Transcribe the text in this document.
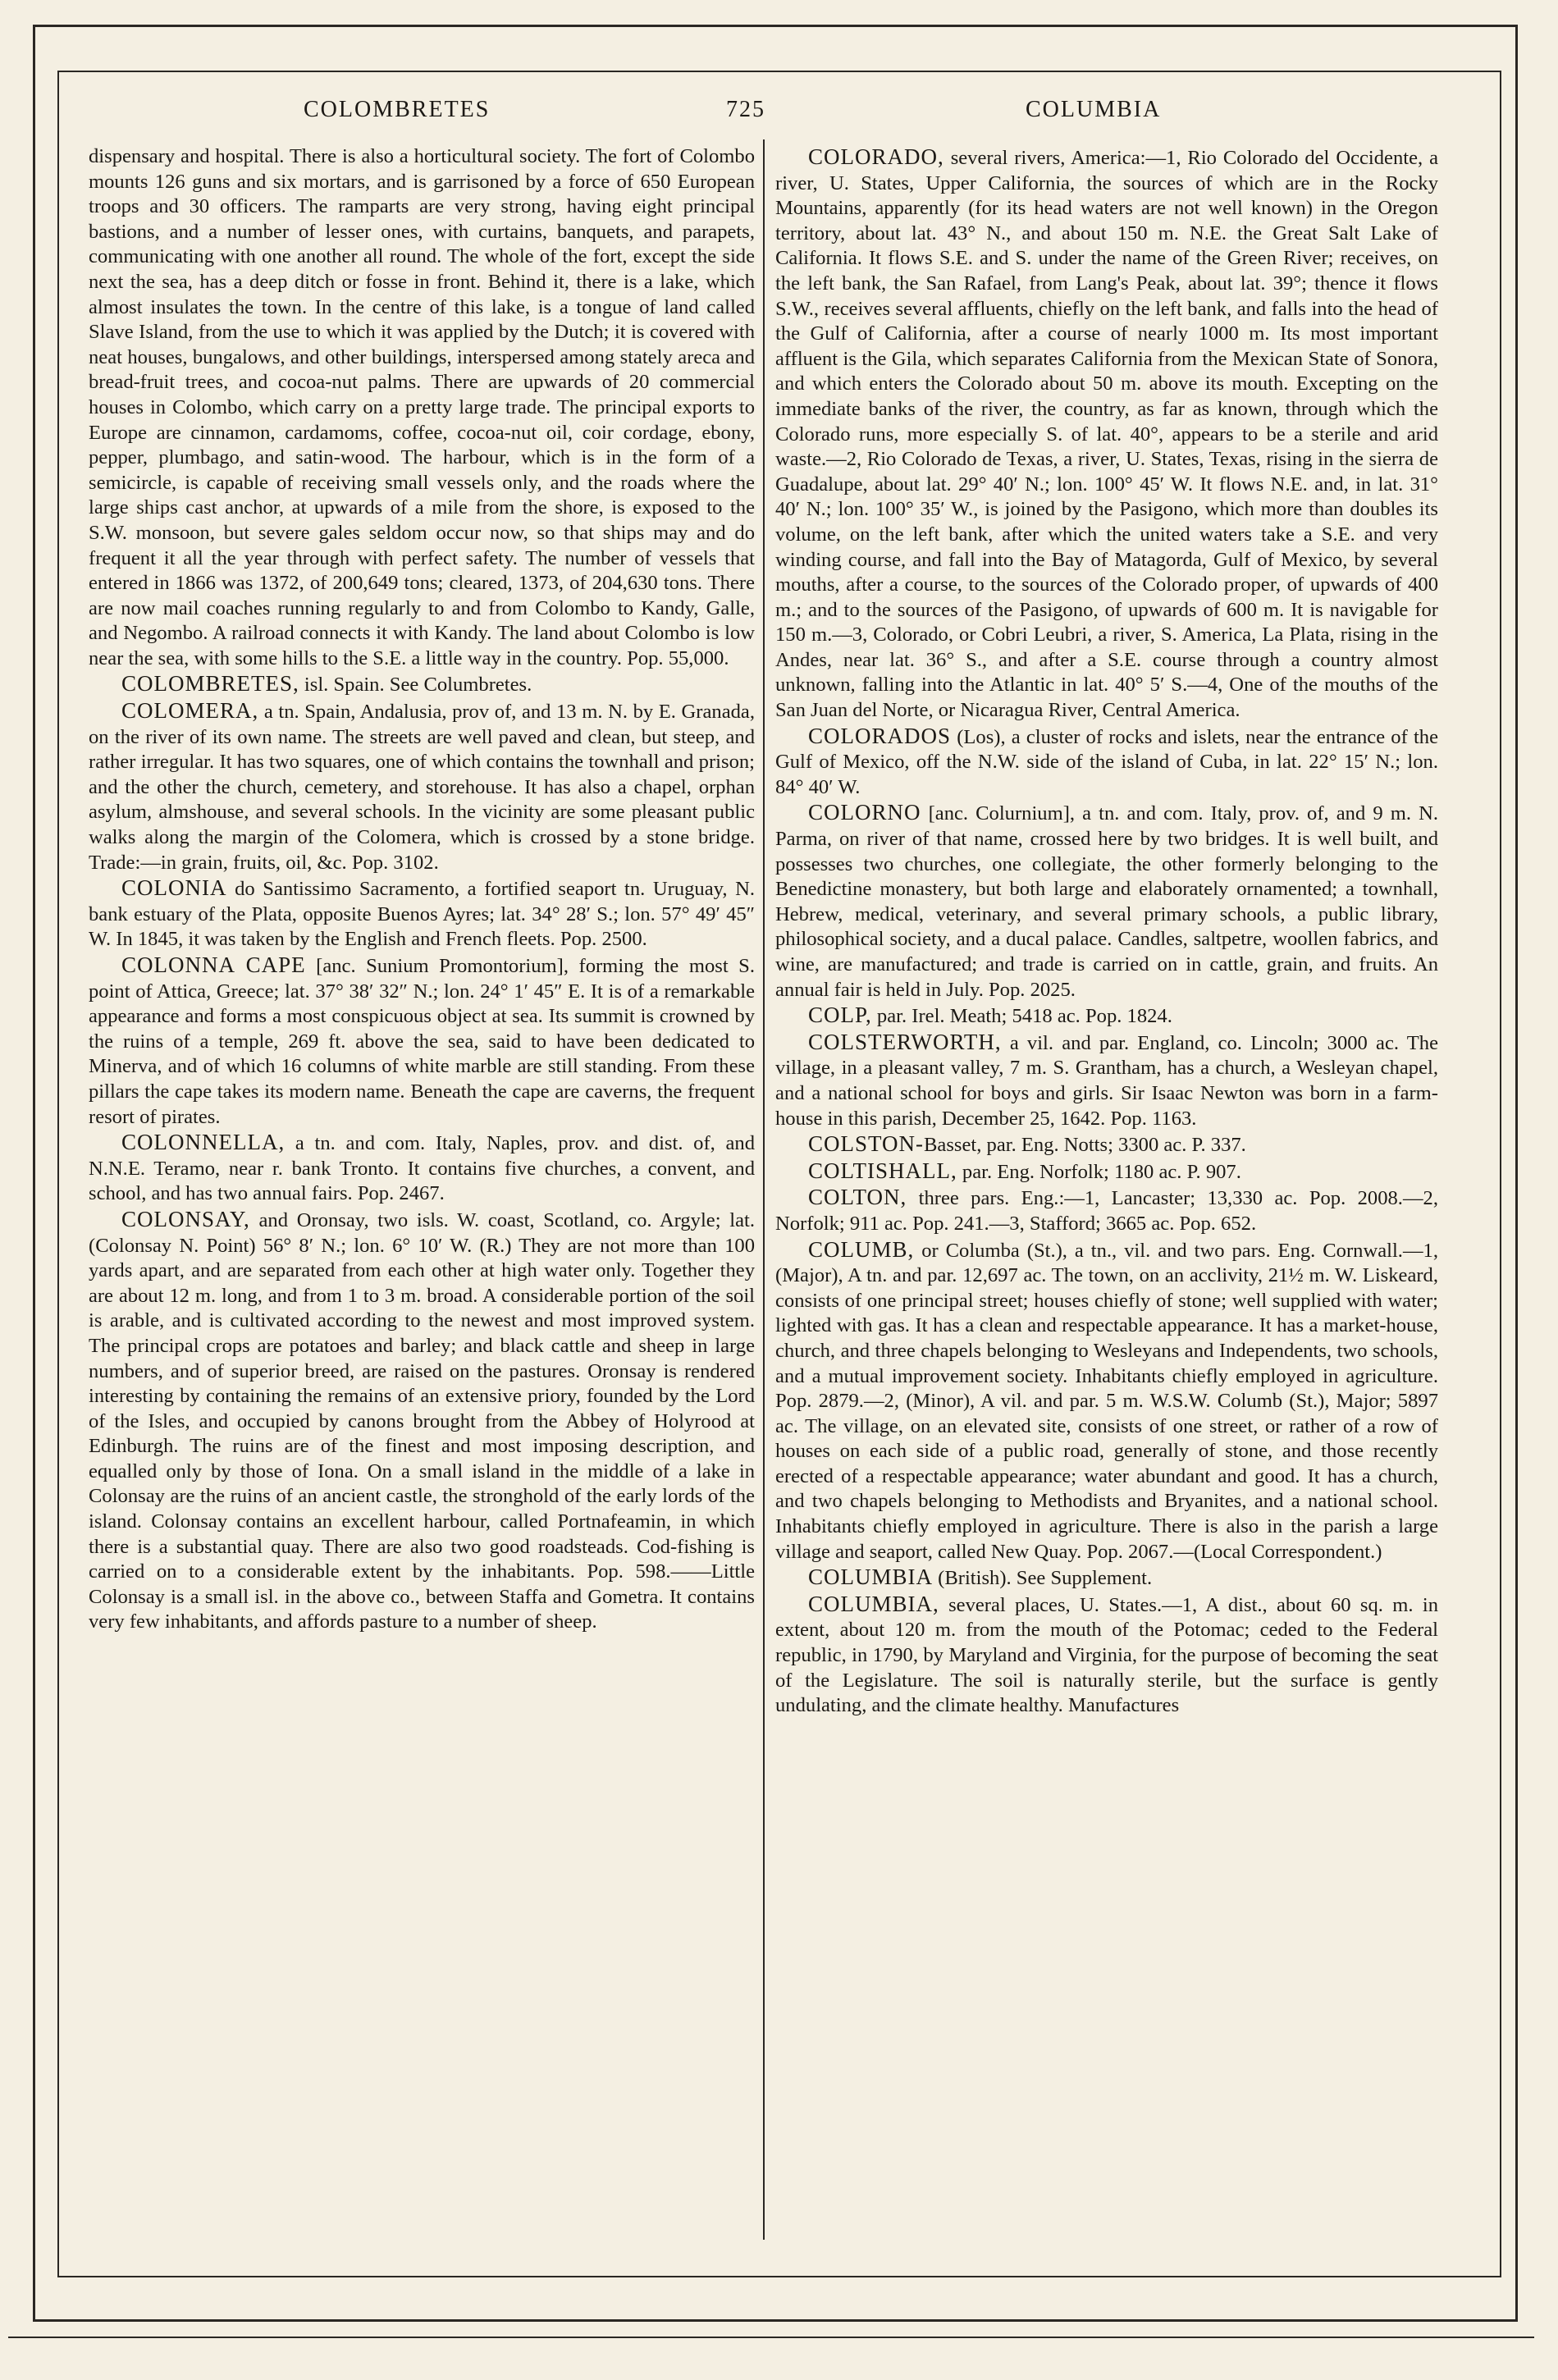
COLOMBRETES	725	COLUMBIA

dispensary and hospital. There is also a horticultural society. The fort of Colombo mounts 126 guns and six mortars, and is garrisoned by a force of 650 European troops and 30 officers. The ramparts are very strong, having eight principal bastions, and a number of lesser ones, with curtains, banquets, and parapets, communicating with one another all round. The whole of the fort, except the side next the sea, has a deep ditch or fosse in front. Behind it, there is a lake, which almost insulates the town. In the centre of this lake, is a tongue of land called Slave Island, from the use to which it was applied by the Dutch; it is covered with neat houses, bungalows, and other buildings, interspersed among stately areca and bread-fruit trees, and cocoa-nut palms. There are upwards of 20 commercial houses in Colombo, which carry on a pretty large trade. The principal exports to Europe are cinnamon, cardamoms, coffee, cocoa-nut oil, coir cordage, ebony, pepper, plumbago, and satin-wood. The harbour, which is in the form of a semicircle, is capable of receiving small vessels only, and the roads where the large ships cast anchor, at upwards of a mile from the shore, is exposed to the S.W. monsoon, but severe gales seldom occur now, so that ships may and do frequent it all the year through with perfect safety. The number of vessels that entered in 1866 was 1372, of 200,649 tons; cleared, 1373, of 204,630 tons. There are now mail coaches running regularly to and from Colombo to Kandy, Galle, and Negombo. A railroad connects it with Kandy. The land about Colombo is low near the sea, with some hills to the S.E. a little way in the country. Pop. 55,000.

COLOMBRETES, isl. Spain. See Columbretes.

COLOMERA, a tn. Spain, Andalusia, prov of, and 13 m. N. by E. Granada, on the river of its own name. The streets are well paved and clean, but steep, and rather irregular. It has two squares, one of which contains the townhall and prison; and the other the church, cemetery, and storehouse. It has also a chapel, orphan asylum, almshouse, and several schools. In the vicinity are some pleasant public walks along the margin of the Colomera, which is crossed by a stone bridge. Trade:—in grain, fruits, oil, &c. Pop. 3102.

COLONIA do Santissimo Sacramento, a fortified seaport tn. Uruguay, N. bank estuary of the Plata, opposite Buenos Ayres; lat. 34° 28′ S.; lon. 57° 49′ 45″ W. In 1845, it was taken by the English and French fleets. Pop. 2500.

COLONNA CAPE [anc. Sunium Promontorium], forming the most S. point of Attica, Greece; lat. 37° 38′ 32″ N.; lon. 24° 1′ 45″ E. It is of a remarkable appearance and forms a most conspicuous object at sea. Its summit is crowned by the ruins of a temple, 269 ft. above the sea, said to have been dedicated to Minerva, and of which 16 columns of white marble are still standing. From these pillars the cape takes its modern name. Beneath the cape are caverns, the frequent resort of pirates.

COLONNELLA, a tn. and com. Italy, Naples, prov. and dist. of, and N.N.E. Teramo, near r. bank Tronto. It contains five churches, a convent, and school, and has two annual fairs. Pop. 2467.

COLONSAY, and Oronsay, two isls. W. coast, Scotland, co. Argyle; lat. (Colonsay N. Point) 56° 8′ N.; lon. 6° 10′ W. (R.) They are not more than 100 yards apart, and are separated from each other at high water only. Together they are about 12 m. long, and from 1 to 3 m. broad. A considerable portion of the soil is arable, and is cultivated according to the newest and most improved system. The principal crops are potatoes and barley; and black cattle and sheep in large numbers, and of superior breed, are raised on the pastures. Oronsay is rendered interesting by containing the remains of an extensive priory, founded by the Lord of the Isles, and occupied by canons brought from the Abbey of Holyrood at Edinburgh. The ruins are of the finest and most imposing description, and equalled only by those of Iona. On a small island in the middle of a lake in Colonsay are the ruins of an ancient castle, the stronghold of the early lords of the island. Colonsay contains an excellent harbour, called Portnafeamin, in which there is a substantial quay. There are also two good roadsteads. Cod-fishing is carried on to a considerable extent by the inhabitants. Pop. 598.——Little Colonsay is a small isl. in the above co., between Staffa and Gometra. It contains very few inhabitants, and affords pasture to a number of sheep.

COLORADO, several rivers, America:—1, Rio Colorado del Occidente, a river, U. States, Upper California, the sources of which are in the Rocky Mountains, apparently (for its head waters are not well known) in the Oregon territory, about lat. 43° N., and about 150 m. N.E. the Great Salt Lake of California. It flows S.E. and S. under the name of the Green River; receives, on the left bank, the San Rafael, from Lang's Peak, about lat. 39°; thence it flows S.W., receives several affluents, chiefly on the left bank, and falls into the head of the Gulf of California, after a course of nearly 1000 m. Its most important affluent is the Gila, which separates California from the Mexican State of Sonora, and which enters the Colorado about 50 m. above its mouth. Excepting on the immediate banks of the river, the country, as far as known, through which the Colorado runs, more especially S. of lat. 40°, appears to be a sterile and arid waste.—2, Rio Colorado de Texas, a river, U. States, Texas, rising in the sierra de Guadalupe, about lat. 29° 40′ N.; lon. 100° 45′ W. It flows N.E. and, in lat. 31° 40′ N.; lon. 100° 35′ W., is joined by the Pasigono, which more than doubles its volume, on the left bank, after which the united waters take a S.E. and very winding course, and fall into the Bay of Matagorda, Gulf of Mexico, by several mouths, after a course, to the sources of the Colorado proper, of upwards of 400 m.; and to the sources of the Pasigono, of upwards of 600 m. It is navigable for 150 m.—3, Colorado, or Cobri Leubri, a river, S. America, La Plata, rising in the Andes, near lat. 36° S., and after a S.E. course through a country almost unknown, falling into the Atlantic in lat. 40° 5′ S.—4, One of the mouths of the San Juan del Norte, or Nicaragua River, Central America.

COLORADOS (Los), a cluster of rocks and islets, near the entrance of the Gulf of Mexico, off the N.W. side of the island of Cuba, in lat. 22° 15′ N.; lon. 84° 40′ W.

COLORNO [anc. Colurnium], a tn. and com. Italy, prov. of, and 9 m. N. Parma, on river of that name, crossed here by two bridges. It is well built, and possesses two churches, one collegiate, the other formerly belonging to the Benedictine monastery, but both large and elaborately ornamented; a townhall, Hebrew, medical, veterinary, and several primary schools, a public library, philosophical society, and a ducal palace. Candles, saltpetre, woollen fabrics, and wine, are manufactured; and trade is carried on in cattle, grain, and fruits. An annual fair is held in July. Pop. 2025.

COLP, par. Irel. Meath; 5418 ac. Pop. 1824.

COLSTERWORTH, a vil. and par. England, co. Lincoln; 3000 ac. The village, in a pleasant valley, 7 m. S. Grantham, has a church, a Wesleyan chapel, and a national school for boys and girls. Sir Isaac Newton was born in a farm-house in this parish, December 25, 1642. Pop. 1163.

COLSTON-Basset, par. Eng. Notts; 3300 ac. P. 337.

COLTISHALL, par. Eng. Norfolk; 1180 ac. P. 907.

COLTON, three pars. Eng.:—1, Lancaster; 13,330 ac. Pop. 2008.—2, Norfolk; 911 ac. Pop. 241.—3, Stafford; 3665 ac. Pop. 652.

COLUMB, or Columba (St.), a tn., vil. and two pars. Eng. Cornwall.—1, (Major), A tn. and par. 12,697 ac. The town, on an acclivity, 21½ m. W. Liskeard, consists of one principal street; houses chiefly of stone; well supplied with water; lighted with gas. It has a clean and respectable appearance. It has a market-house, church, and three chapels belonging to Wesleyans and Independents, two schools, and a mutual improvement society. Inhabitants chiefly employed in agriculture. Pop. 2879.—2, (Minor), A vil. and par. 5 m. W.S.W. Columb (St.), Major; 5897 ac. The village, on an elevated site, consists of one street, or rather of a row of houses on each side of a public road, generally of stone, and those recently erected of a respectable appearance; water abundant and good. It has a church, and two chapels belonging to Methodists and Bryanites, and a national school. Inhabitants chiefly employed in agriculture. There is also in the parish a large village and seaport, called New Quay. Pop. 2067.—(Local Correspondent.)

COLUMBIA (British). See Supplement.

COLUMBIA, several places, U. States.—1, A dist., about 60 sq. m. in extent, about 120 m. from the mouth of the Potomac; ceded to the Federal republic, in 1790, by Maryland and Virginia, for the purpose of becoming the seat of the Legislature. The soil is naturally sterile, but the surface is gently undulating, and the climate healthy. Manufactures
